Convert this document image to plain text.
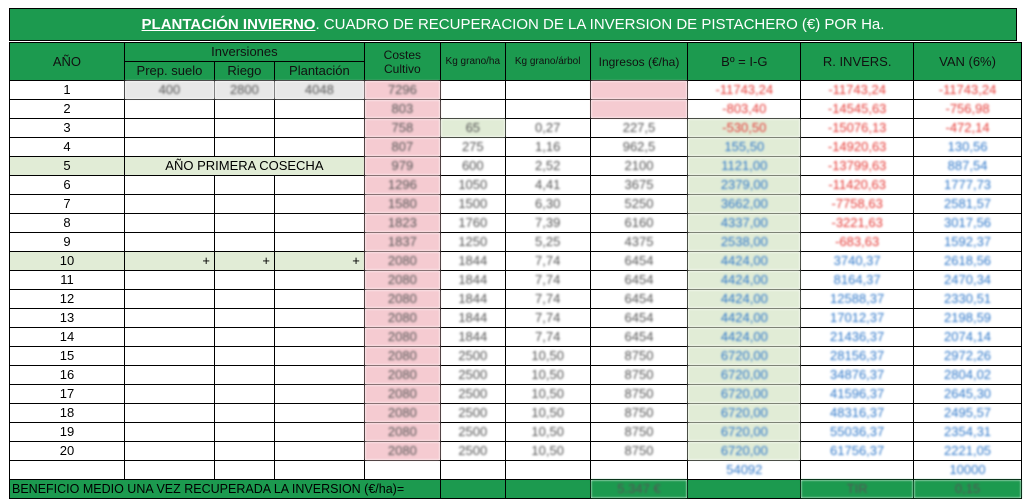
PLANTACIÓN INVIERNO . CUADRO DE RECUPERACION DE LA INVERSION DE PISTACHERO (€) POR Ha.
AÑO	Inversiones			Costes Cultivo	Kg grano/ha	Kg grano/árbol	Ingresos (€/ha)	Bº = I-G	R. INVERS.	VAN (6%)
	Prep. suelo	Riego	Plantación							
1	400	2800	4048	7296				-11743,24	-11743,24	-11743,24
2				803				-803,40	-14545,63	-756,98
3				758	65	0,27	227,5	-530,50	-15076,13	-472,14
4				807	275	1,16	962,5	155,50	-14920,63	130,56
5	AÑO PRIMERA COSECHA			979	600	2,52	2100	1121,00	-13799,63	887,54
6				1296	1050	4,41	3675	2379,00	-11420,63	1777,73
7				1580	1500	6,30	5250	3662,00	-7758,63	2581,57
8				1823	1760	7,39	6160	4337,00	-3221,63	3017,56
9				1837	1250	5,25	4375	2538,00	-683,63	1592,37
10	+	+	+	2080	1844	7,74	6454	4424,00	3740,37	2618,56
11				2080	1844	7,74	6454	4424,00	8164,37	2470,34
12				2080	1844	7,74	6454	4424,00	12588,37	2330,51
13				2080	1844	7,74	6454	4424,00	17012,37	2198,59
14				2080	1844	7,74	6454	4424,00	21436,37	2074,14
15				2080	2500	10,50	8750	6720,00	28156,37	2972,26
16				2080	2500	10,50	8750	6720,00	34876,37	2804,02
17				2080	2500	10,50	8750	6720,00	41596,37	2645,30
18				2080	2500	10,50	8750	6720,00	48316,37	2495,57
19				2080	2500	10,50	8750	6720,00	55036,37	2354,31
20				2080	2500	10,50	8750	6720,00	61756,37	2221,05
								54092		10000
BENEFICIO MEDIO UNA VEZ RECUPERADA LA INVERSION (€/ha)=							5.347 €		TIR	0,15
